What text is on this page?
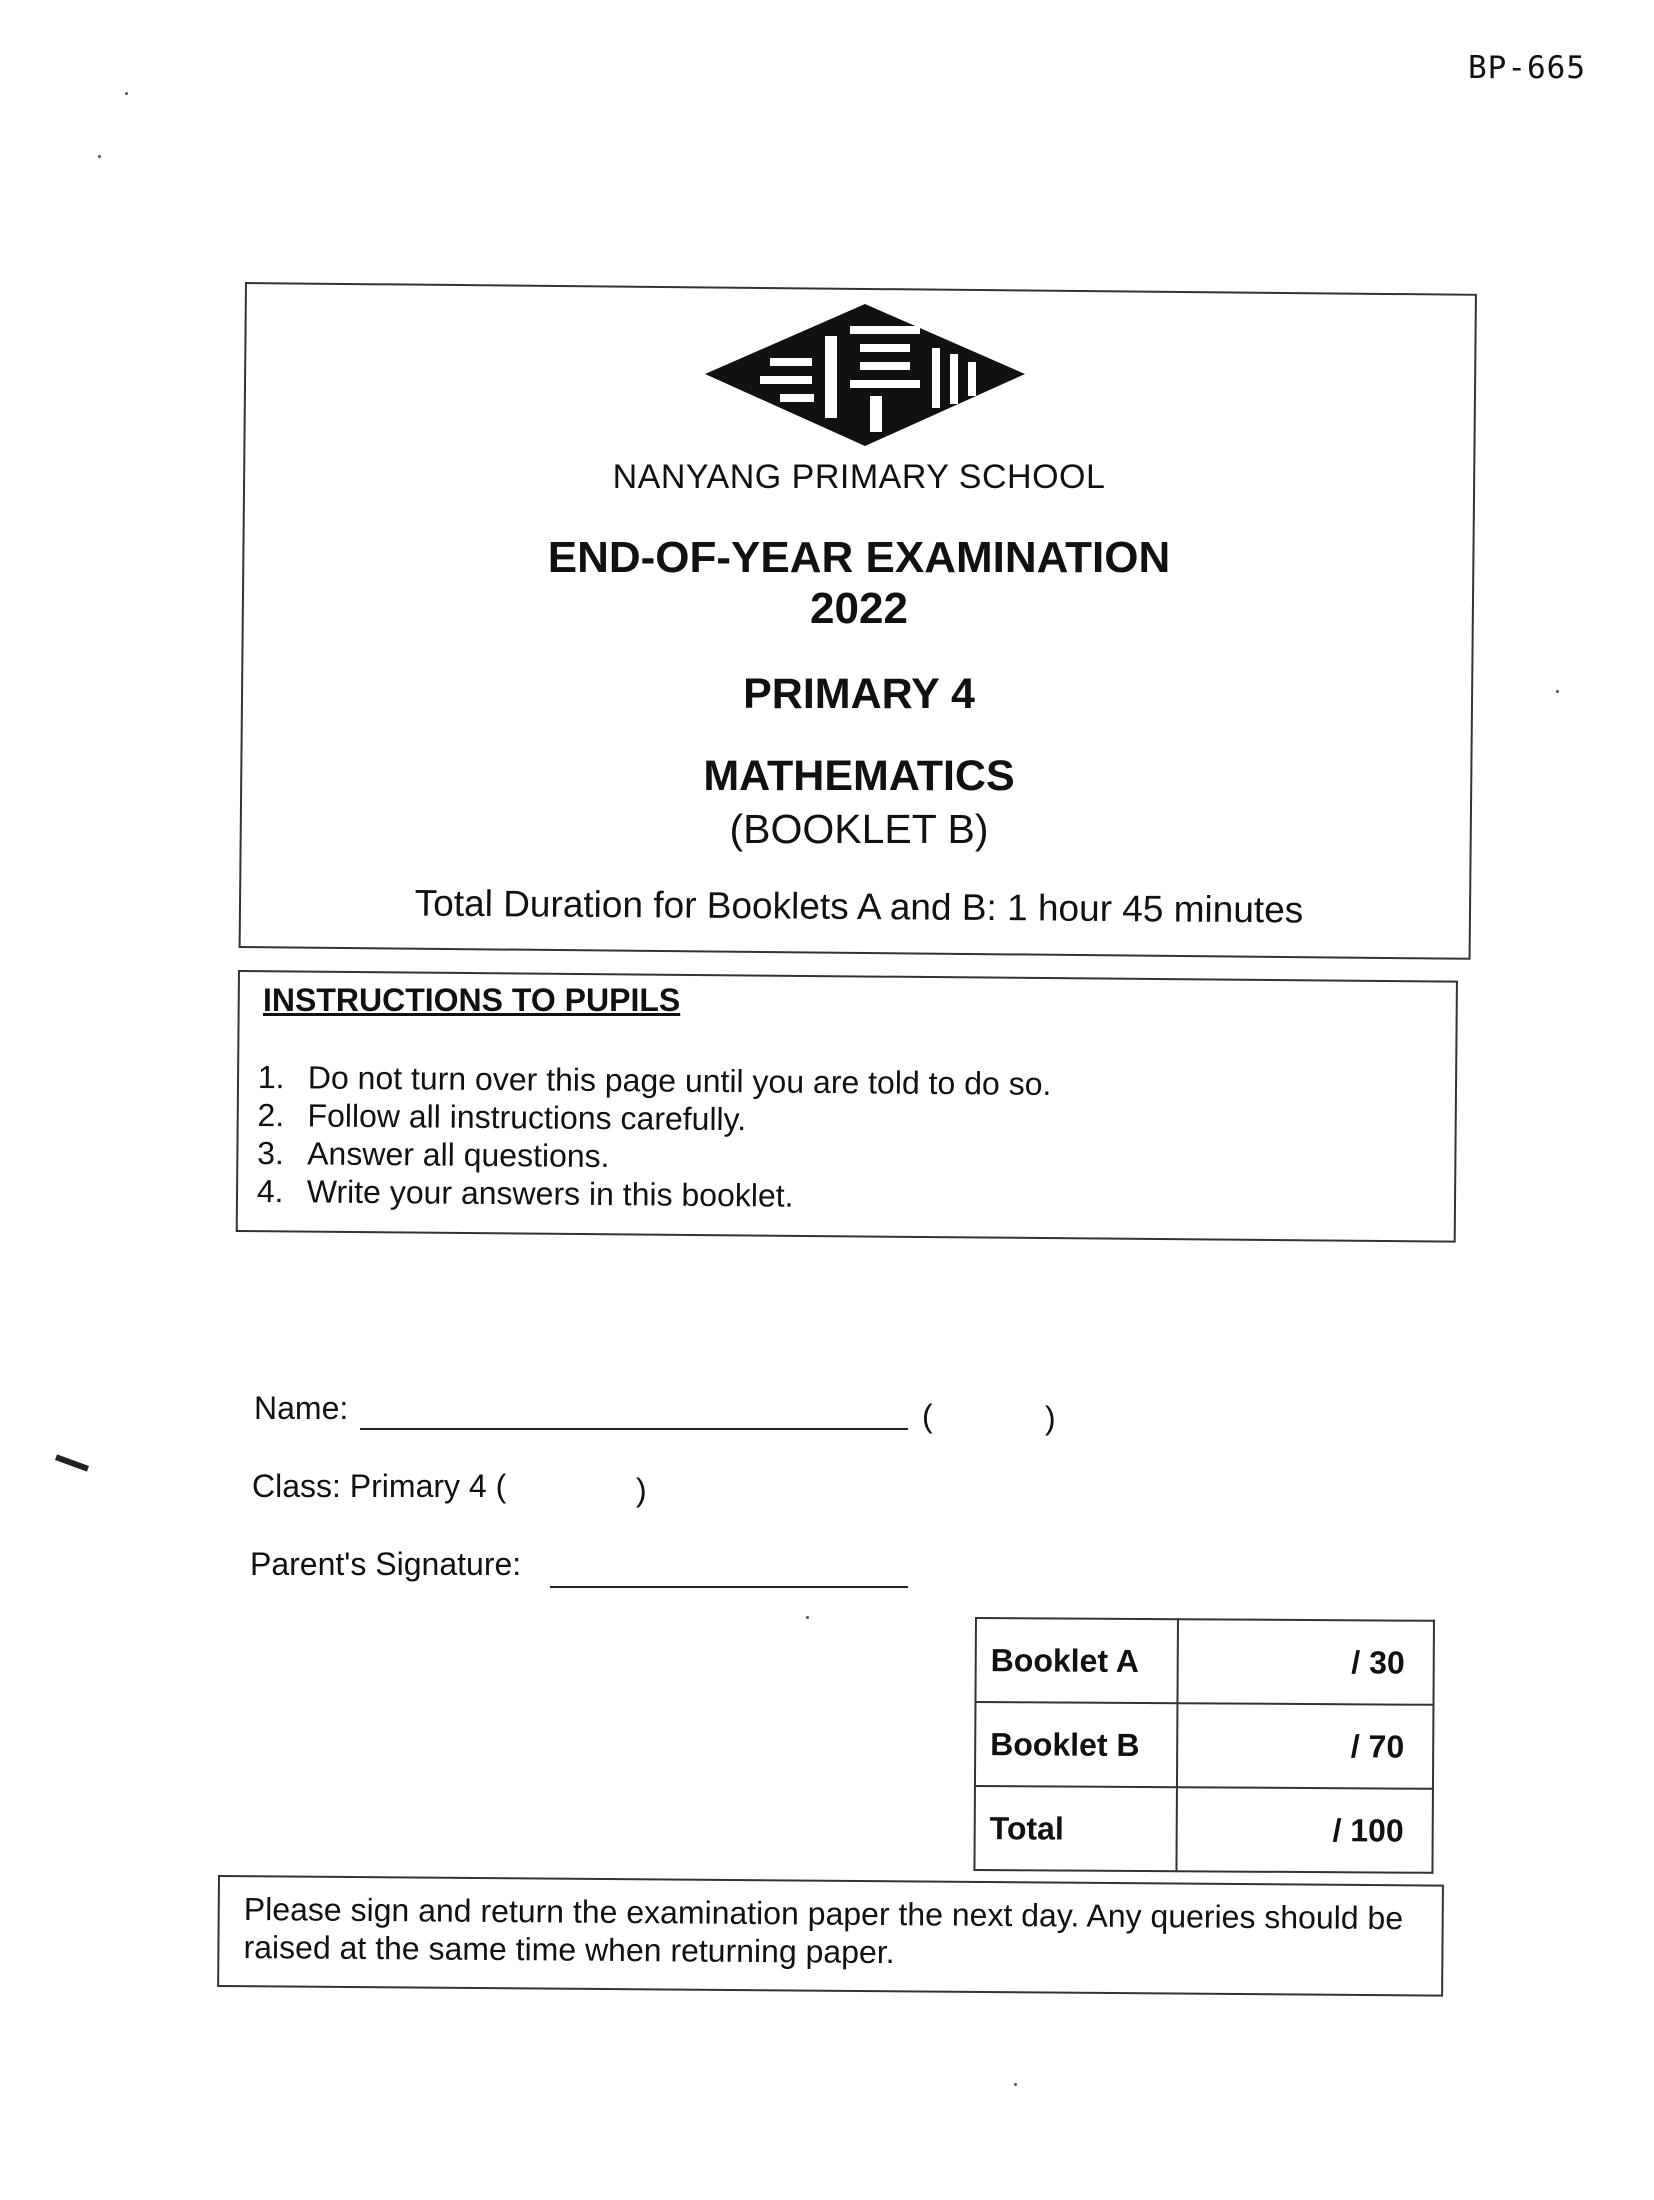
BP-665
NANYANG PRIMARY SCHOOL
END-OF-YEAR EXAMINATION
2022
PRIMARY 4
MATHEMATICS
(BOOKLET B)
Total Duration for Booklets A and B: 1 hour 45 minutes
INSTRUCTIONS TO PUPILS
1. Do not turn over this page until you are told to do so.
2. Follow all instructions carefully.
3. Answer all questions.
4. Write your answers in this booklet.
Name:	(	)
Class: Primary 4 (	)
Parent's Signature:
Booklet A	/ 30
Booklet B	/ 70
Total	/ 100
Please sign and return the examination paper the next day. Any queries should be raised at the same time when returning paper.
